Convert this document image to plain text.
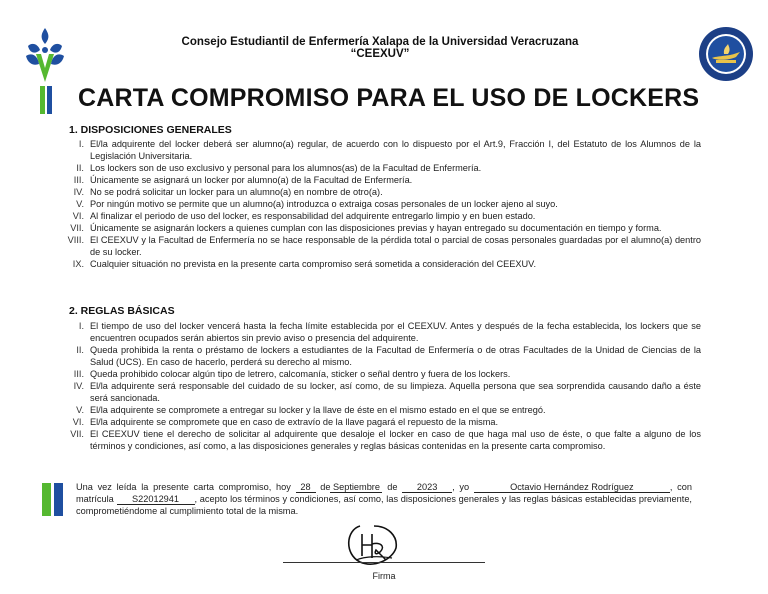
Consejo Estudiantil de Enfermería Xalapa de la Universidad Veracruzana
“CEEXUV”
CARTA COMPROMISO PARA EL USO DE LOCKERS
1. DISPOSICIONES GENERALES
I. El/la adquirente del locker deberá ser alumno(a) regular, de acuerdo con lo dispuesto por el Art.9, Fracción I, del Estatuto de los Alumnos de la Legislación Universitaria.
II. Los lockers son de uso exclusivo y personal para los alumnos(as) de la Facultad de Enfermería.
III. Únicamente se asignará un locker por alumno(a) de la Facultad de Enfermería.
IV. No se podrá solicitar un locker para un alumno(a) en nombre de otro(a).
V. Por ningún motivo se permite que un alumno(a) introduzca o extraiga cosas personales de un locker ajeno al suyo.
VI. Al finalizar el periodo de uso del locker, es responsabilidad del adquirente entregarlo limpio y en buen estado.
VII. Únicamente se asignarán lockers a quienes cumplan con las disposiciones previas y hayan entregado su documentación en tiempo y forma.
VIII. El CEEXUV y la Facultad de Enfermería no se hace responsable de la pérdida total o parcial de cosas personales guardadas por el alumno(a) dentro de su locker.
IX. Cualquier situación no prevista en la presente carta compromiso será sometida a consideración del CEEXUV.
2. REGLAS BÁSICAS
I. El tiempo de uso del locker vencerá hasta la fecha límite establecida por el CEEXUV. Antes y después de la fecha establecida, los lockers que se encuentren ocupados serán abiertos sin previo aviso o presencia del adquirente.
II. Queda prohibida la renta o préstamo de lockers a estudiantes de la Facultad de Enfermería o de otras Facultades de la Unidad de Ciencias de la Salud (UCS). En caso de hacerlo, perderá su derecho al mismo.
III. Queda prohibido colocar algún tipo de letrero, calcomanía, sticker o señal dentro y fuera de los lockers.
IV. El/la adquirente será responsable del cuidado de su locker, así como, de su limpieza. Aquella persona que sea sorprendida causando daño a éste será sancionada.
V. El/la adquirente se compromete a entregar su locker y la llave de éste en el mismo estado en el que se entregó.
VI. El/la adquirente se compromete que en caso de extravío de la llave pagará el repuesto de la misma.
VII. El CEEXUV tiene el derecho de solicitar al adquirente que desaloje el locker en caso de que haga mal uso de éste, o que falte a alguno de los términos y condiciones, así como, a las disposiciones generales y reglas básicas contenidas en la presente carta compromiso.
Una vez leída la presente carta compromiso, hoy 28 de Septiembre de 2023 , yo	Octavio Hernández Rodríguez	, con matrícula S22012941 , acepto los términos y condiciones, así como, las disposiciones generales y las reglas básicas establecidas previamente, comprometiéndome al cumplimiento total de la misma.
Firma
